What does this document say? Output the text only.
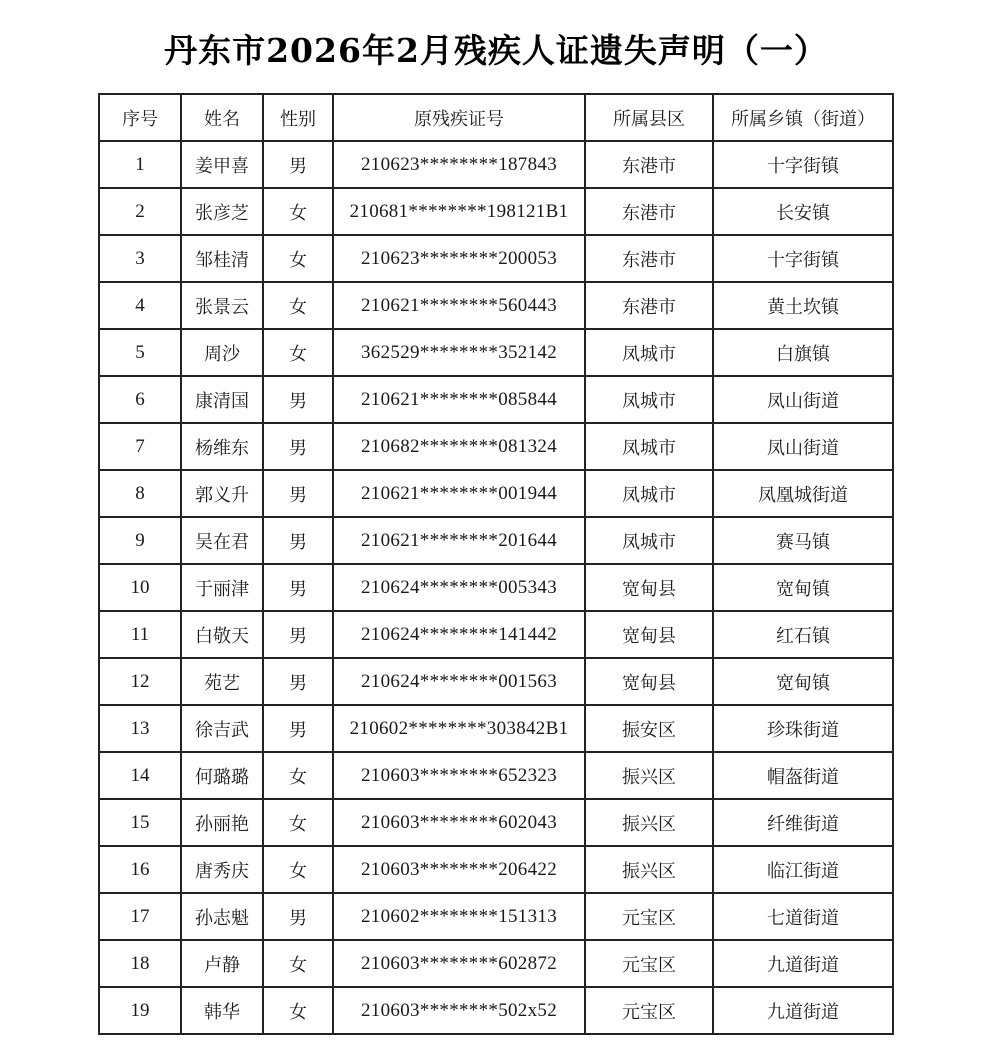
丹东市2026年2月残疾人证遗失声明（一）
序号	姓名	性别	原残疾证号	所属县区	所属乡镇（街道）
1	姜甲喜	男	210623********187843	东港市	十字街镇
2	张彦芝	女	210681********198121B1	东港市	长安镇
3	邹桂清	女	210623********200053	东港市	十字街镇
4	张景云	女	210621********560443	东港市	黄土坎镇
5	周沙	女	362529********352142	凤城市	白旗镇
6	康清国	男	210621********085844	凤城市	凤山街道
7	杨维东	男	210682********081324	凤城市	凤山街道
8	郭义升	男	210621********001944	凤城市	凤凰城街道
9	吴在君	男	210621********201644	凤城市	赛马镇
10	于丽津	男	210624********005343	宽甸县	宽甸镇
11	白敬天	男	210624********141442	宽甸县	红石镇
12	苑艺	男	210624********001563	宽甸县	宽甸镇
13	徐吉武	男	210602********303842B1	振安区	珍珠街道
14	何璐璐	女	210603********652323	振兴区	帽盔街道
15	孙丽艳	女	210603********602043	振兴区	纤维街道
16	唐秀庆	女	210603********206422	振兴区	临江街道
17	孙志魁	男	210602********151313	元宝区	七道街道
18	卢静	女	210603********602872	元宝区	九道街道
19	韩华	女	210603********502x52	元宝区	九道街道
